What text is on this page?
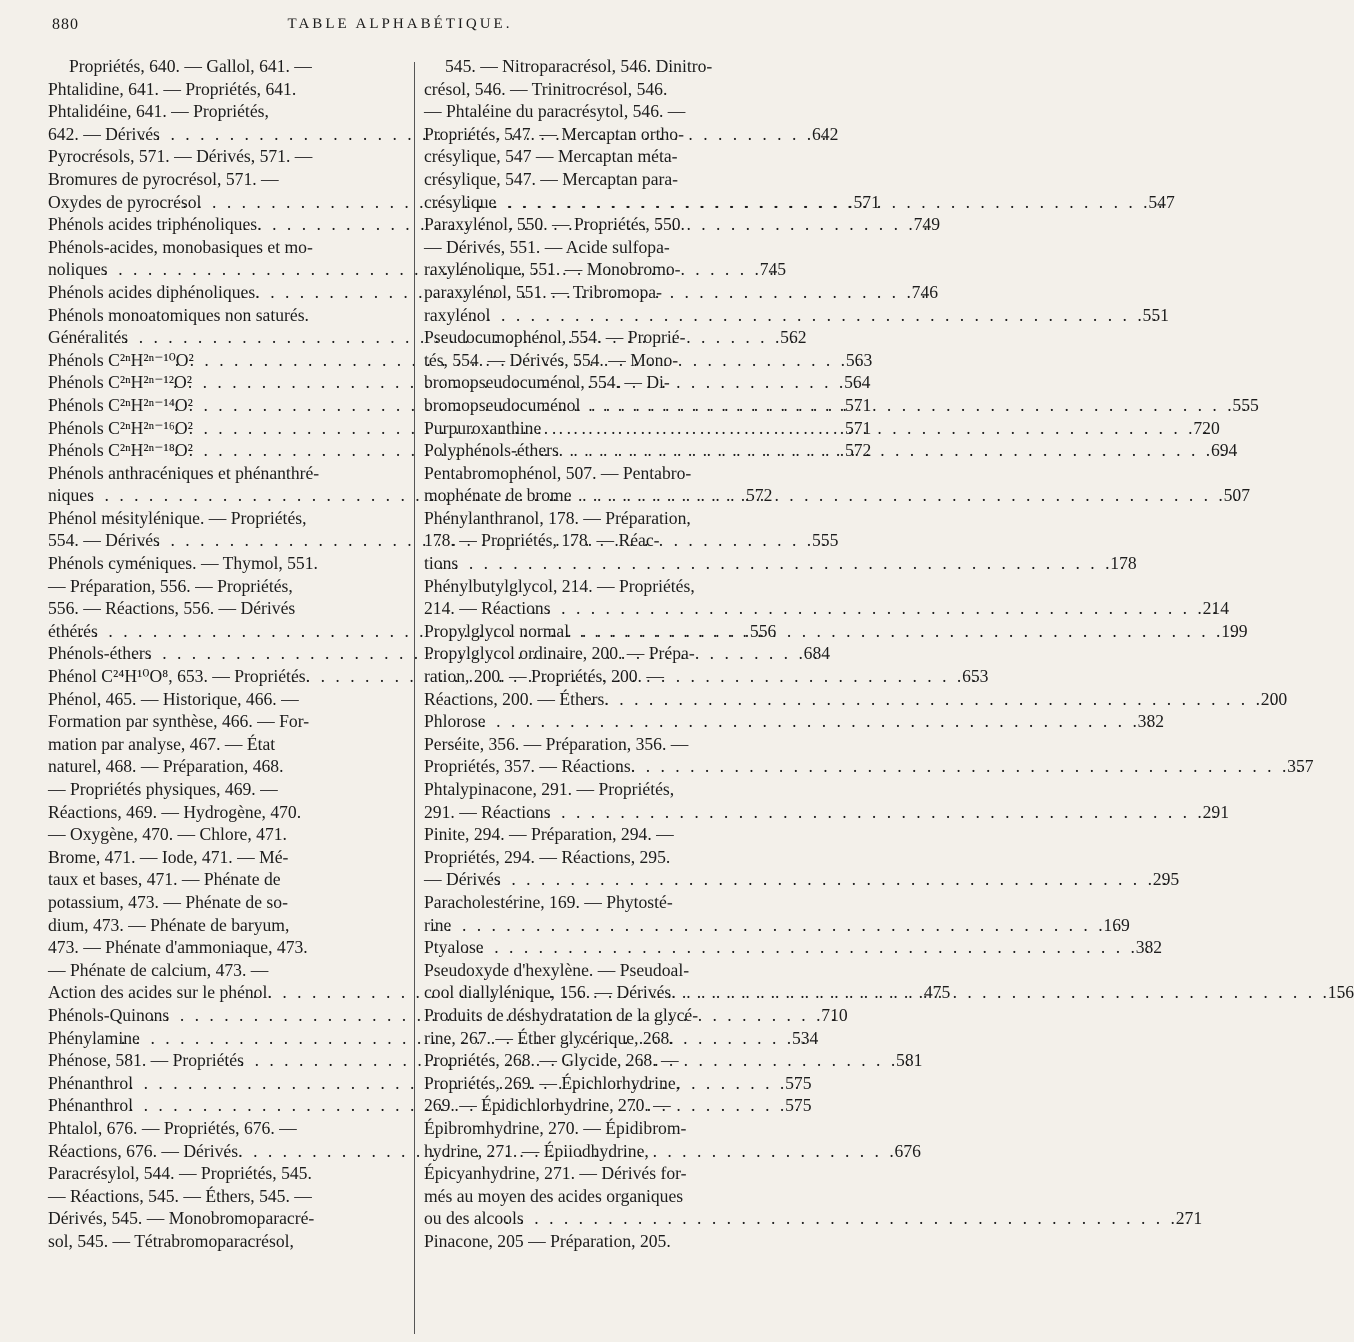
880	TABLE ALPHABÉTIQUE.
Propriétés, 640. — Gallol, 641. —
Phtalidine, 641. — Propriétés, 641.
Phtalidéine, 641. — Propriétés,
642. — Dérivés . . .	642
Pyrocrésols, 571. — Dérivés, 571. —
Bromures de pyrocrésol, 571. —
Oxydes de pyrocrésol . . .	571
Phénols acides triphénoliques. . . .	749
Phénols-acides, monobasiques et mo-
noliques . . .	745
Phénols acides diphénoliques. . . .	746
Phénols monoatomiques non saturés.
Généralités . . .	562
Phénols C²ⁿH²ⁿ⁻¹⁰O² . . .	563
Phénols C²ⁿH²ⁿ⁻¹²O² . . .	564
Phénols C²ⁿH²ⁿ⁻¹⁴O² . . .	571
Phénols C²ⁿH²ⁿ⁻¹⁶O² . . .	571
Phénols C²ⁿH²ⁿ⁻¹⁸O² . . .	572
Phénols anthracéniques et phénanthré-
niques . . .	572
Phénol mésitylénique. — Propriétés,
554. — Dérivés . . .	555
Phénols cyméniques. — Thymol, 551.
— Préparation, 556. — Propriétés,
556. — Réactions, 556. — Dérivés
éthérés . . .	556
Phénols-éthers . . .	684
Phénol C²⁴H¹⁰O⁸, 653. — Propriétés. . . .	653
Phénol, 465. — Historique, 466. —
Formation par synthèse, 466. — For-
mation par analyse, 467. — État
naturel, 468. — Préparation, 468.
— Propriétés physiques, 469. —
Réactions, 469. — Hydrogène, 470.
— Oxygène, 470. — Chlore, 471.
Brome, 471. — Iode, 471. — Mé-
taux et bases, 471. — Phénate de
potassium, 473. — Phénate de so-
dium, 473. — Phénate de baryum,
473. — Phénate d'ammoniaque, 473.
— Phénate de calcium, 473. —
Action des acides sur le phénol. . . .	475
Phénols-Quinons . . .	710
Phénylamine . . .	534
Phénose, 581. — Propriétés . . .	581
Phénanthrol . . .	575
Phénanthrol . . .	575
Phtalol, 676. — Propriétés, 676. —
Réactions, 676. — Dérivés. . . .	676
Paracrésylol, 544. — Propriétés, 545.
— Réactions, 545. — Éthers, 545. —
Dérivés, 545. — Monobromoparacré-
sol, 545. — Tétrabromoparacrésol,
545. — Nitroparacrésol, 546. Dinitro-
crésol, 546. — Trinitrocrésol, 546.
— Phtaléine du paracrésytol, 546. —
Propriétés, 547. — Mercaptan ortho-
crésylique, 547 — Mercaptan méta-
crésylique, 547. — Mercaptan para-
crésylique . . .	547
Paraxylénol, 550. — Propriétés, 550.
— Dérivés, 551. — Acide sulfopa-
raxylénolique, 551. — Monobromo-
paraxylénol, 551. — Tribromopa-
raxylénol . . .	551
Pseudocumophénol, 554. — Proprié-
tés, 554. — Dérivés, 554. — Mono-
bromopseudocuménol, 554. — Di-
bromopseudocuménol . . .	555
Purpuroxanthine . . .	720
Polyphénols-éthers . . .	694
Pentabromophénol, 507. — Pentabro-
mophénate de brome . . .	507
Phénylanthranol, 178. — Préparation,
178. — Propriétés, 178. — Réac-
tions . . .	178
Phénylbutylglycol, 214. — Propriétés,
214. — Réactions . . .	214
Propylglycol normal . . .	199
Propylglycol ordinaire, 200. — Prépa-
ration, 200. — Propriétés, 200. —
Réactions, 200. — Éthers. . . .	200
Phlorose . . .	382
Perséite, 356. — Préparation, 356. —
Propriétés, 357. — Réactions. . . .	357
Phtalypinacone, 291. — Propriétés,
291. — Réactions . . .	291
Pinite, 294. — Préparation, 294. —
Propriétés, 294. — Réactions, 295.
— Dérivés . . .	295
Paracholestérine, 169. — Phytosté-
rine . . .	169
Ptyalose . . .	382
Pseudoxyde d'hexylène. — Pseudoal-
cool diallylénique, 156. — Dérivés. . . .	156
Produits de déshydratation de la glycé-
rine, 267. — Éther glycérique, 268.
Propriétés, 268. — Glycide, 268. —
Propriétés, 269. — Épichlorhydrine,
269. — Épidichlorhydrine, 270. —
Épibromhydrine, 270. — Épidibrom-
hydrine, 271. — Épiiodhydrine,
Épicyanhydrine, 271. — Dérivés for-
més au moyen des acides organiques
ou des alcools . . .	271
Pinacone, 205 — Préparation, 205.
